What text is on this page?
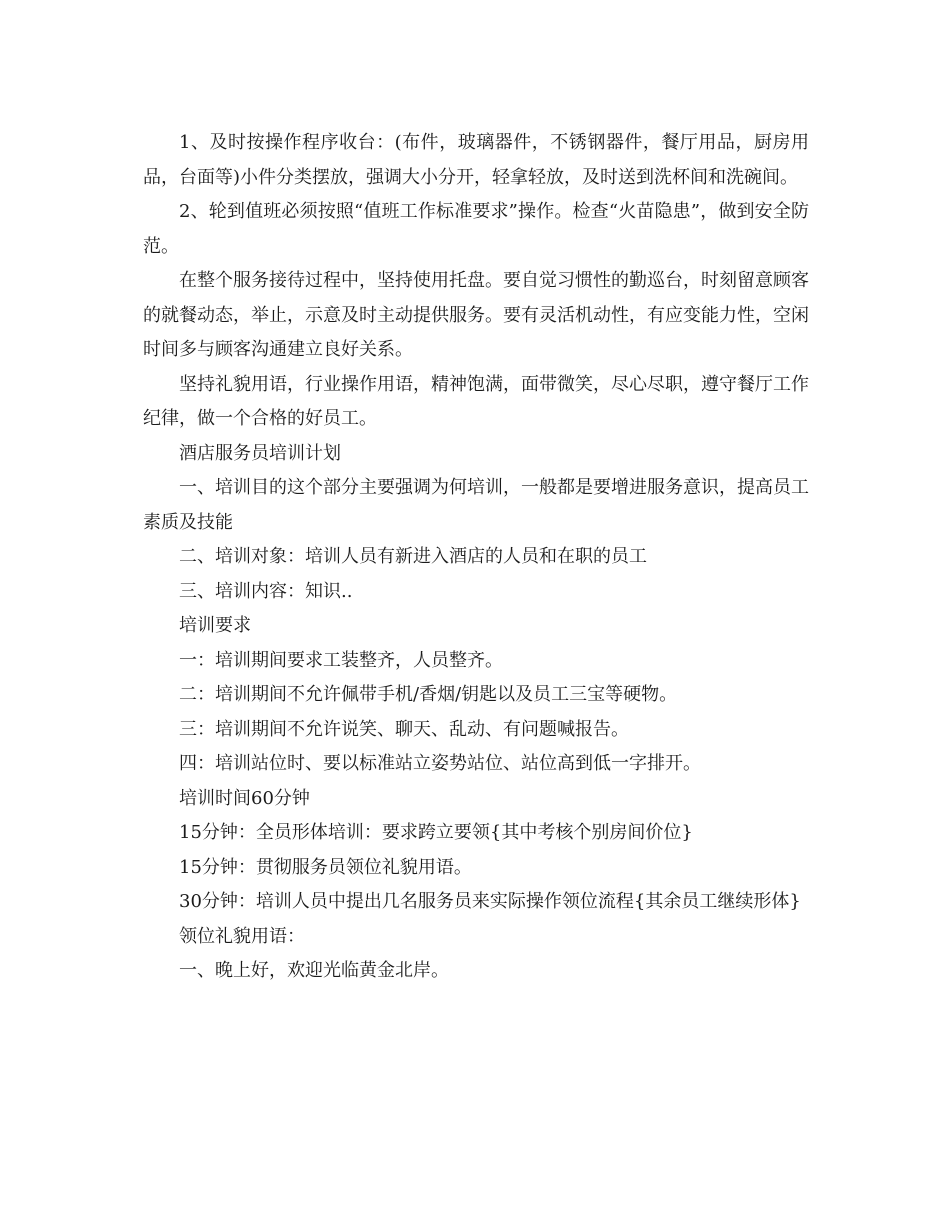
1、及时按操作程序收台：(布件，玻璃器件，不锈钢器件，餐厅用品，厨房用品，台面等)小件分类摆放，强调大小分开，轻拿轻放，及时送到洗杯间和洗碗间。

2、轮到值班必须按照“值班工作标准要求”操作。检查“火苗隐患”，做到安全防范。

在整个服务接待过程中，坚持使用托盘。要自觉习惯性的勤巡台，时刻留意顾客的就餐动态，举止，示意及时主动提供服务。要有灵活机动性，有应变能力性，空闲时间多与顾客沟通建立良好关系。

坚持礼貌用语，行业操作用语，精神饱满，面带微笑，尽心尽职，遵守餐厅工作纪律，做一个合格的好员工。

酒店服务员培训计划

一、培训目的这个部分主要强调为何培训，一般都是要增进服务意识，提高员工素质及技能

二、培训对象：培训人员有新进入酒店的人员和在职的员工

三、培训内容：知识..

培训要求

一：培训期间要求工装整齐，人员整齐。

二：培训期间不允许佩带手机/香烟/钥匙以及员工三宝等硬物。

三：培训期间不允许说笑、聊天、乱动、有问题喊报告。

四：培训站位时、要以标准站立姿势站位、站位高到低一字排开。

培训时间60分钟

15分钟：全员形体培训：要求跨立要领{其中考核个别房间价位}

15分钟：贯彻服务员领位礼貌用语。

30分钟：培训人员中提出几名服务员来实际操作领位流程{其余员工继续形体}

领位礼貌用语：

一、晚上好，欢迎光临黄金北岸。
